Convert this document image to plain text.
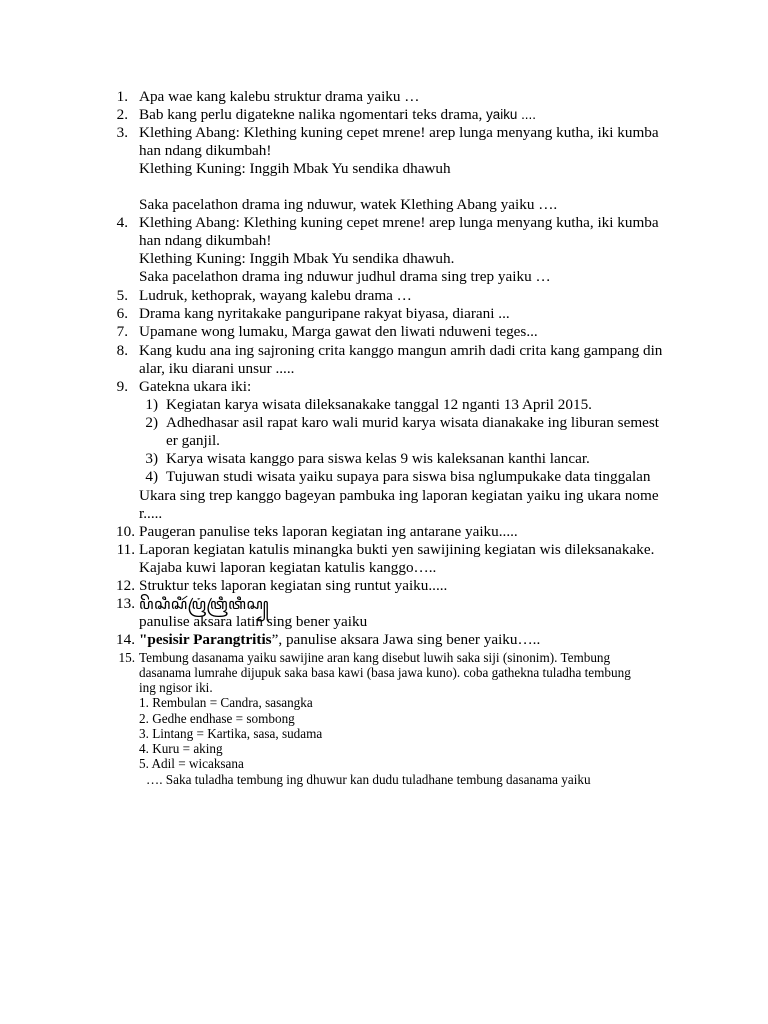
1. Apa wae kang kalebu struktur drama yaiku …
2. Bab kang perlu digatekne nalika ngomentari teks drama, yaiku ....
3. Klething Abang: Klething kuning cepet mrene! arep lunga menyang kutha, iki kumba
han ndang dikumbah!
Klething Kuning: Inggih Mbak Yu sendika dhawuh
Saka pacelathon drama ing nduwur, watek Klething Abang yaiku ….
4. Klething Abang: Klething kuning cepet mrene! arep lunga menyang kutha, iki kumba
han ndang dikumbah!
Klething Kuning: Inggih Mbak Yu sendika dhawuh.
Saka pacelathon drama ing nduwur judhul drama sing trep yaiku …
5. Ludruk, kethoprak, wayang kalebu drama …
6. Drama kang nyritakake panguripane rakyat biyasa, diarani ...
7. Upamane wong lumaku, Marga gawat den liwati nduweni teges...
8. Kang kudu ana ing sajroning crita kanggo mangun amrih dadi crita kang gampang din
alar, iku diarani unsur .....
9. Gatekna ukara iki:
1) Kegiatan karya wisata dileksanakake tanggal 12 nganti 13 April 2015.
2) Adhedhasar asil rapat karo wali murid karya wisata dianakake ing liburan semest
er ganjil.
3) Karya wisata kanggo para siswa kelas 9 wis kaleksanan kanthi lancar.
4) Tujuwan studi wisata yaiku supaya para siswa bisa nglumpukake data tinggalan
Ukara sing trep kanggo bageyan pambuka ing laporan kegiatan yaiku ing ukara nome
r.....
10. Paugeran panulise teks laporan kegiatan ing antarane yaiku.....
11. Laporan kegiatan katulis minangka bukti yen sawijining kegiatan wis dileksanakake.
Kajaba kuwi laporan kegiatan katulis kanggo…..
12. Struktur teks laporan kegiatan sing runtut yaiku.....
13. ꦥꦼꦱꦶꦱꦶꦂꦥꦿꦁꦠꦿꦶꦠꦶꦱ꧀
panulise aksara latin sing bener yaiku
14. "pesisir Parangtritis”, panulise aksara Jawa sing bener yaiku…..
15. Tembung dasanama yaiku sawijine aran kang disebut luwih saka siji (sinonim). Tembung
dasanama lumrahe dijupuk saka basa kawi (basa jawa kuno). coba gathekna tuladha tembung
ing ngisor iki.
1. Rembulan = Candra, sasangka
2. Gedhe endhase = sombong
3. Lintang = Kartika, sasa, sudama
4. Kuru = aking
5. Adil = wicaksana
…. Saka tuladha tembung ing dhuwur kan dudu tuladhane tembung dasanama yaiku
